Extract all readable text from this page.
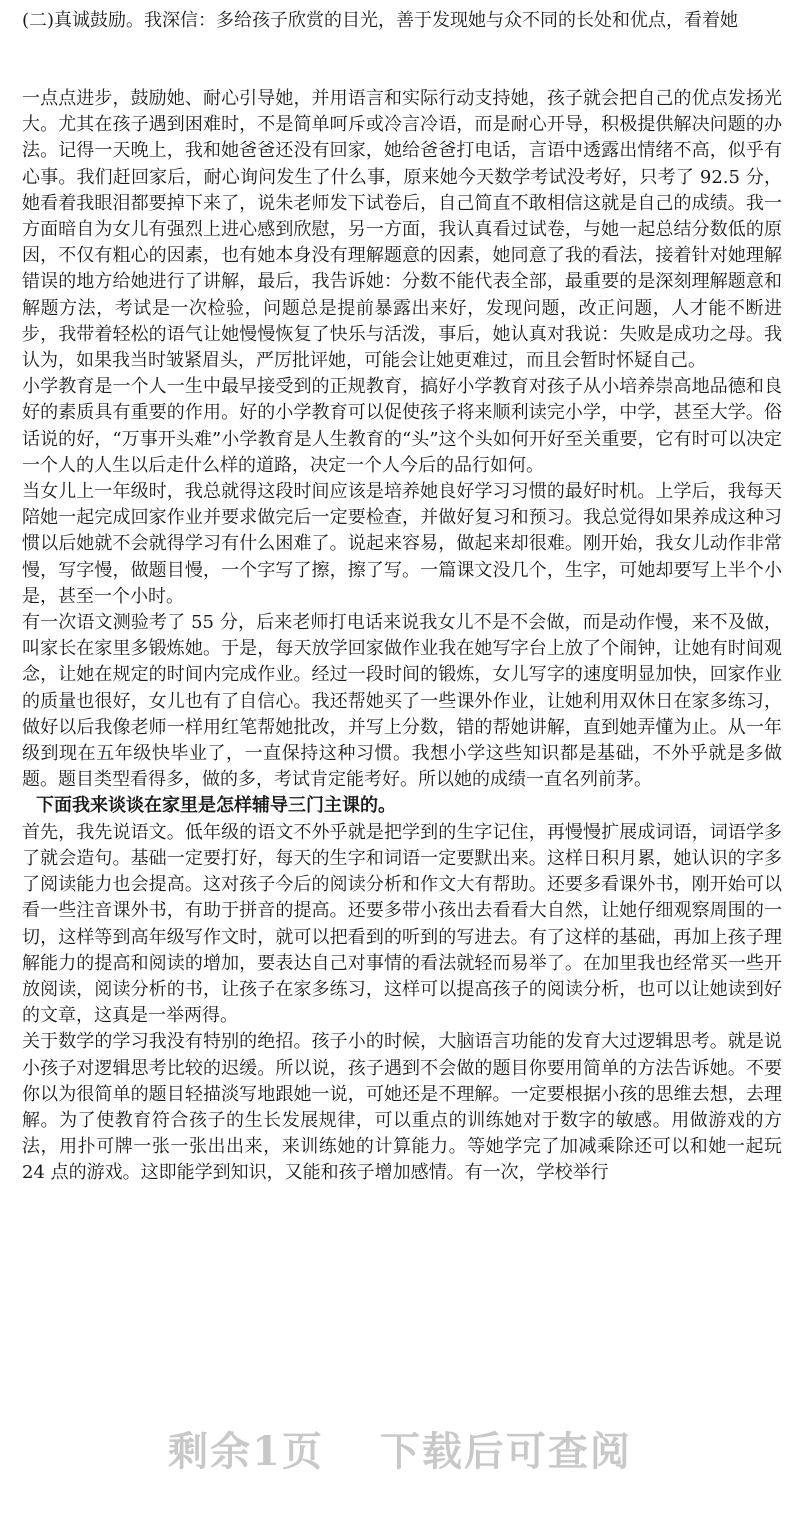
(二)真诚鼓励。我深信：多给孩子欣赏的目光，善于发现她与众不同的长处和优点，看着她

一点点进步，鼓励她、耐心引导她，并用语言和实际行动支持她，孩子就会把自己的优点发扬光大。尤其在孩子遇到困难时，不是简单呵斥或冷言冷语，而是耐心开导，积极提供解决问题的办法。记得一天晚上，我和她爸爸还没有回家，她给爸爸打电话，言语中透露出情绪不高，似乎有心事。我们赶回家后，耐心询问发生了什么事，原来她今天数学考试没考好，只考了 92.5 分，她看着我眼泪都要掉下来了，说朱老师发下试卷后，自己简直不敢相信这就是自己的成绩。我一方面暗自为女儿有强烈上进心感到欣慰，另一方面，我认真看过试卷，与她一起总结分数低的原因，不仅有粗心的因素，也有她本身没有理解题意的因素，她同意了我的看法，接着针对她理解错误的地方给她进行了讲解，最后，我告诉她：分数不能代表全部，最重要的是深刻理解题意和解题方法，考试是一次检验，问题总是提前暴露出来好，发现问题，改正问题，人才能不断进步，我带着轻松的语气让她慢慢恢复了快乐与活泼，事后，她认真对我说：失败是成功之母。我认为，如果我当时皱紧眉头，严厉批评她，可能会让她更难过，而且会暂时怀疑自己。

小学教育是一个人一生中最早接受到的正规教育，搞好小学教育对孩子从小培养崇高地品德和良好的素质具有重要的作用。好的小学教育可以促使孩子将来顺利读完小学，中学，甚至大学。俗话说的好，“万事开头难”小学教育是人生教育的“头”这个头如何开好至关重要，它有时可以决定一个人的人生以后走什么样的道路，决定一个人今后的品行如何。

当女儿上一年级时，我总就得这段时间应该是培养她良好学习习惯的最好时机。上学后，我每天陪她一起完成回家作业并要求做完后一定要检查，并做好复习和预习。我总觉得如果养成这种习惯以后她就不会就得学习有什么困难了。说起来容易，做起来却很难。刚开始，我女儿动作非常慢，写字慢，做题目慢，一个字写了擦，擦了写。一篇课文没几个，生字，可她却要写上半个小是，甚至一个小时。

有一次语文测验考了 55 分，后来老师打电话来说我女儿不是不会做，而是动作慢，来不及做，叫家长在家里多锻炼她。于是，每天放学回家做作业我在她写字台上放了个闹钟，让她有时间观念，让她在规定的时间内完成作业。经过一段时间的锻炼，女儿写字的速度明显加快，回家作业的质量也很好，女儿也有了自信心。我还帮她买了一些课外作业，让她利用双休日在家多练习，做好以后我像老师一样用红笔帮她批改，并写上分数，错的帮她讲解，直到她弄懂为止。从一年级到现在五年级快毕业了，一直保持这种习惯。我想小学这些知识都是基础，不外乎就是多做题。题目类型看得多，做的多，考试肯定能考好。所以她的成绩一直名列前茅。

下面我来谈谈在家里是怎样辅导三门主课的。

首先，我先说语文。低年级的语文不外乎就是把学到的生字记住，再慢慢扩展成词语，词语学多了就会造句。基础一定要打好，每天的生字和词语一定要默出来。这样日积月累，她认识的字多了阅读能力也会提高。这对孩子今后的阅读分析和作文大有帮助。还要多看课外书，刚开始可以看一些注音课外书，有助于拼音的提高。还要多带小孩出去看看大自然，让她仔细观察周围的一切，这样等到高年级写作文时，就可以把看到的听到的写进去。有了这样的基础，再加上孩子理解能力的提高和阅读的增加，要表达自己对事情的看法就轻而易举了。在加里我也经常买一些开放阅读，阅读分析的书，让孩子在家多练习，这样可以提高孩子的阅读分析，也可以让她读到好的文章，这真是一举两得。

关于数学的学习我没有特别的绝招。孩子小的时候，大脑语言功能的发育大过逻辑思考。就是说小孩子对逻辑思考比较的迟缓。所以说，孩子遇到不会做的题目你要用简单的方法告诉她。不要你以为很简单的题目轻描淡写地跟她一说，可她还是不理解。一定要根据小孩的思维去想，去理解。为了使教育符合孩子的生长发展规律，可以重点的训练她对于数字的敏感。用做游戏的方法，用扑可牌一张一张出出来，来训练她的计算能力。等她学完了加减乘除还可以和她一起玩 24 点的游戏。这即能学到知识，又能和孩子增加感情。有一次，学校举行

剩余1页 下载后可查阅
